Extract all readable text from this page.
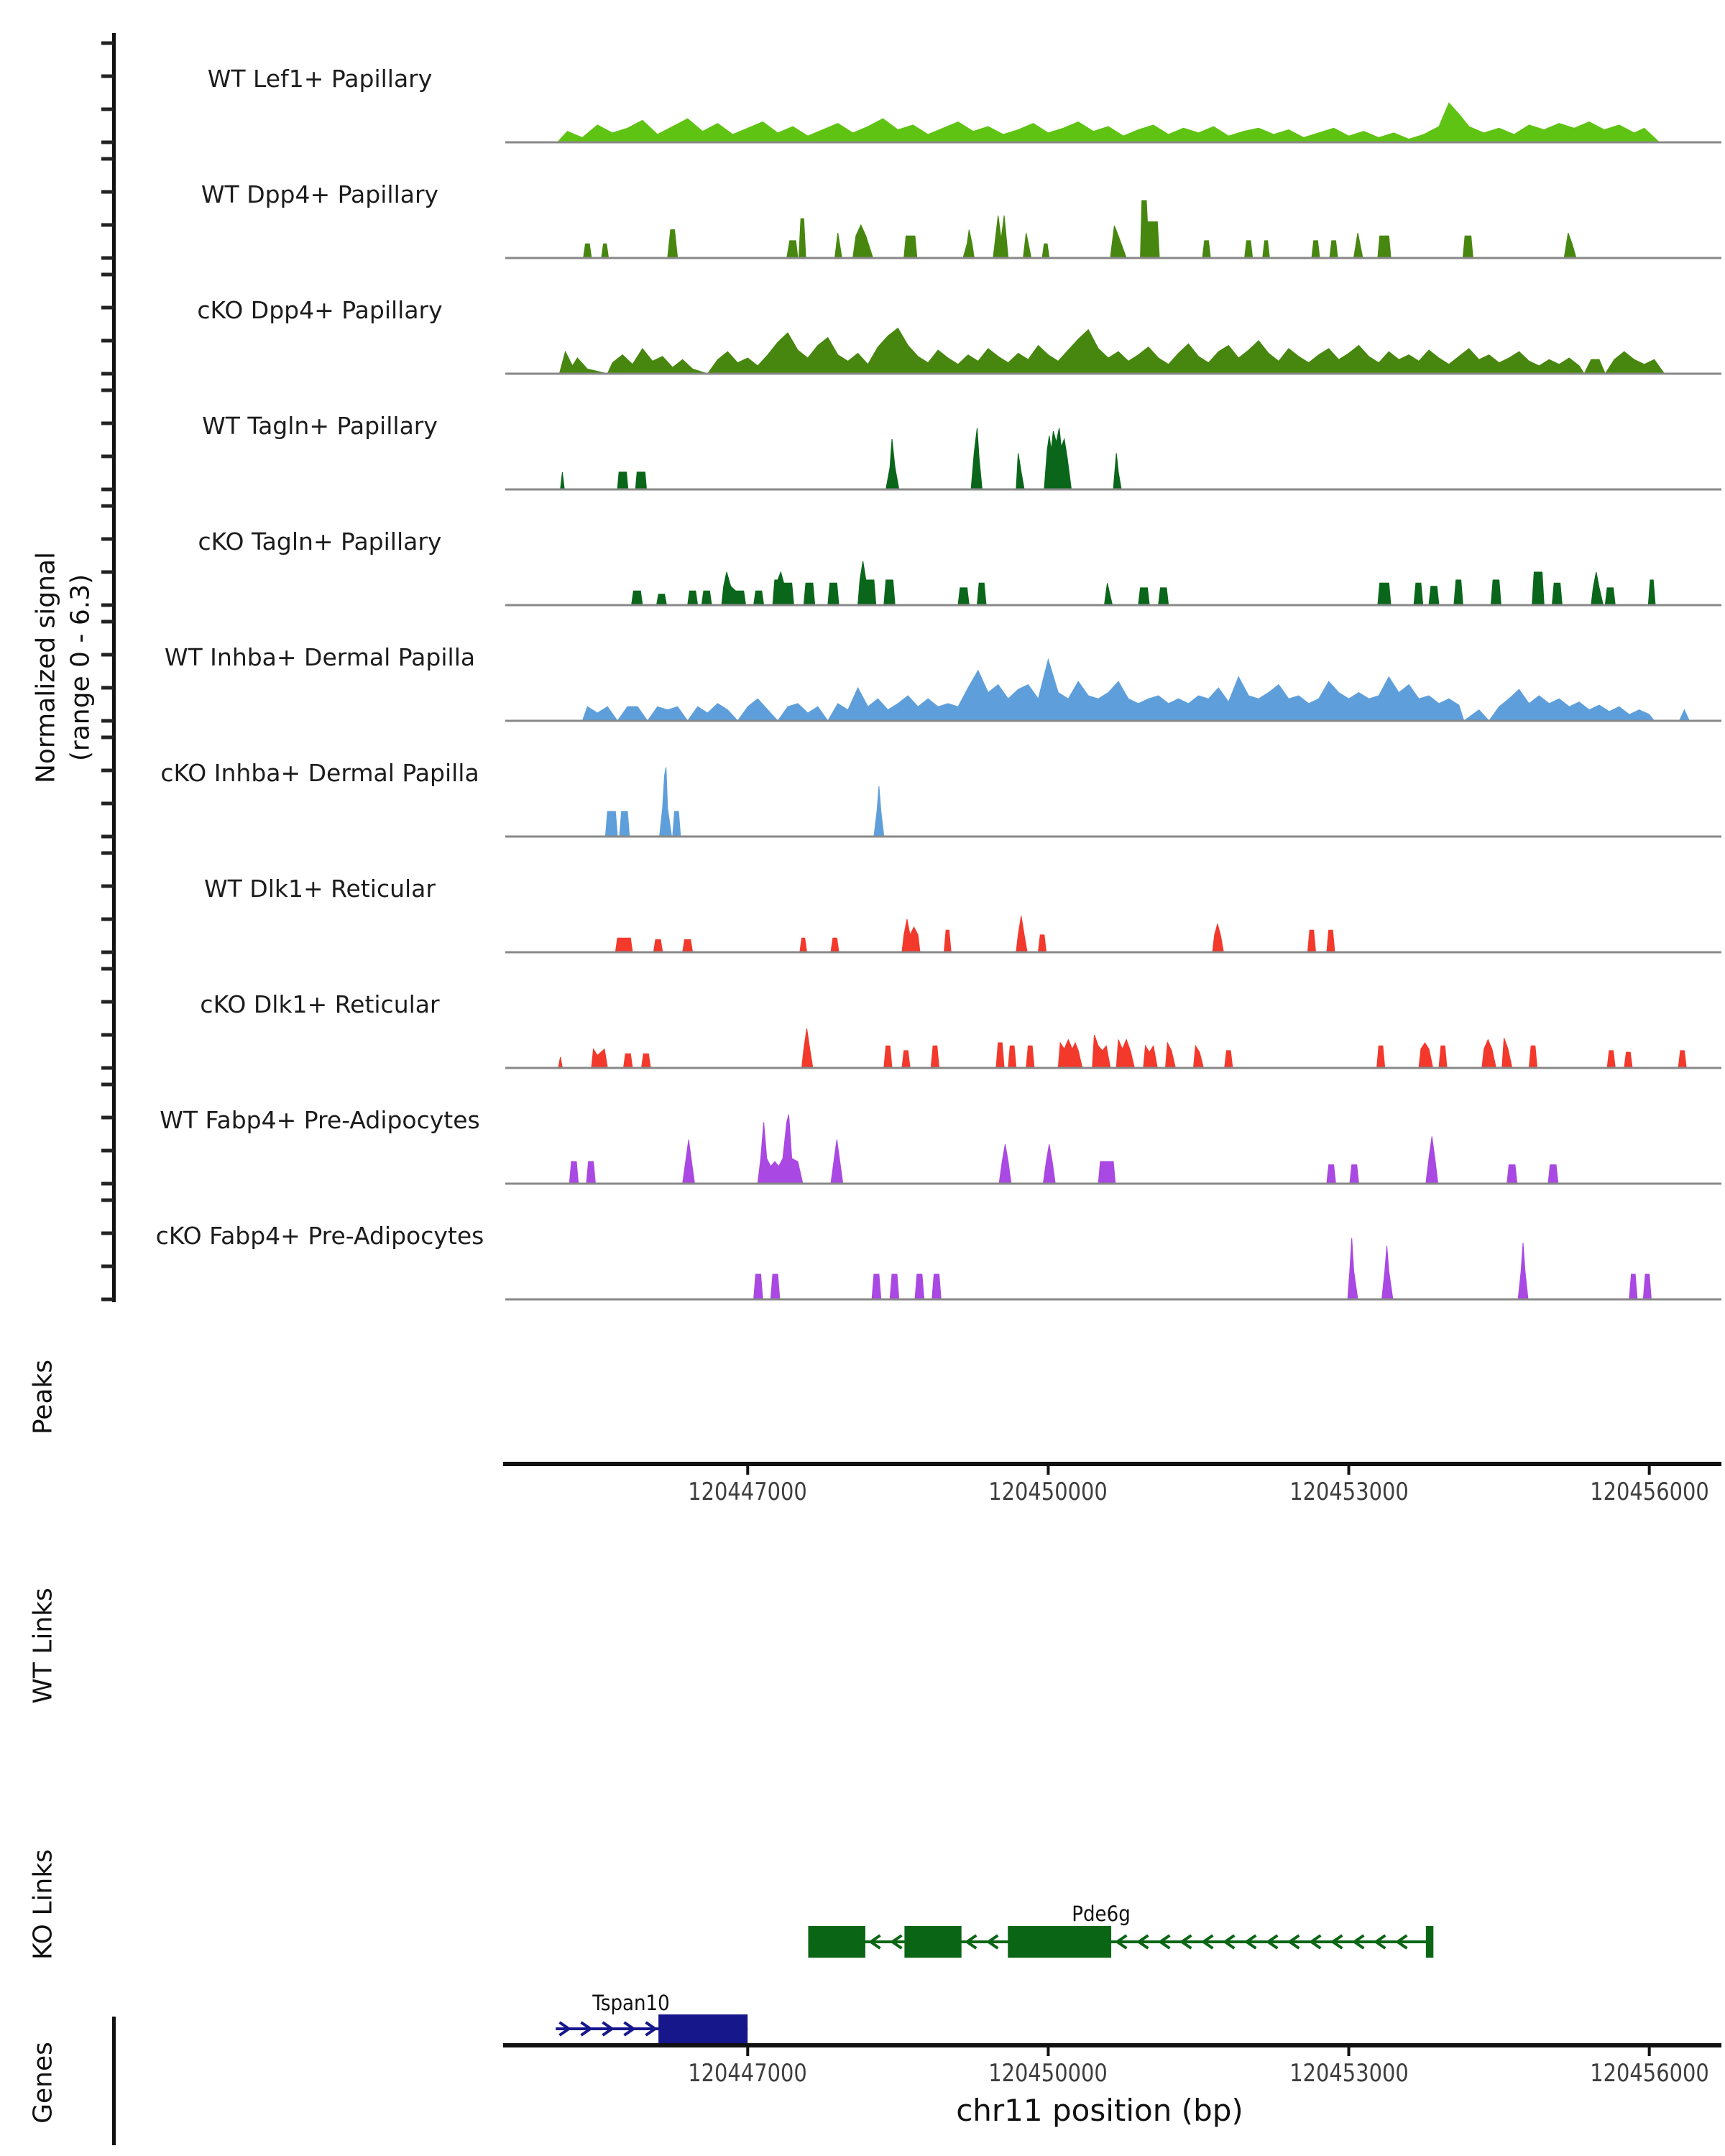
Normalized signal (range 0 - 6.3)
Peaks
WT Links
KO Links
Genes
WT Lef1+ Papillary
WT Dpp4+ Papillary
cKO Dpp4+ Papillary
WT Tagln+ Papillary
cKO Tagln+ Papillary
WT Inhba+ Dermal Papilla
cKO Inhba+ Dermal Papilla
WT Dlk1+ Reticular
cKO Dlk1+ Reticular
WT Fabp4+ Pre-Adipocytes
cKO Fabp4+ Pre-Adipocytes
120447000	120450000	120453000	120456000
120447000	120450000	120453000	120456000
chr11 position (bp)
Pde6g
Tspan10
